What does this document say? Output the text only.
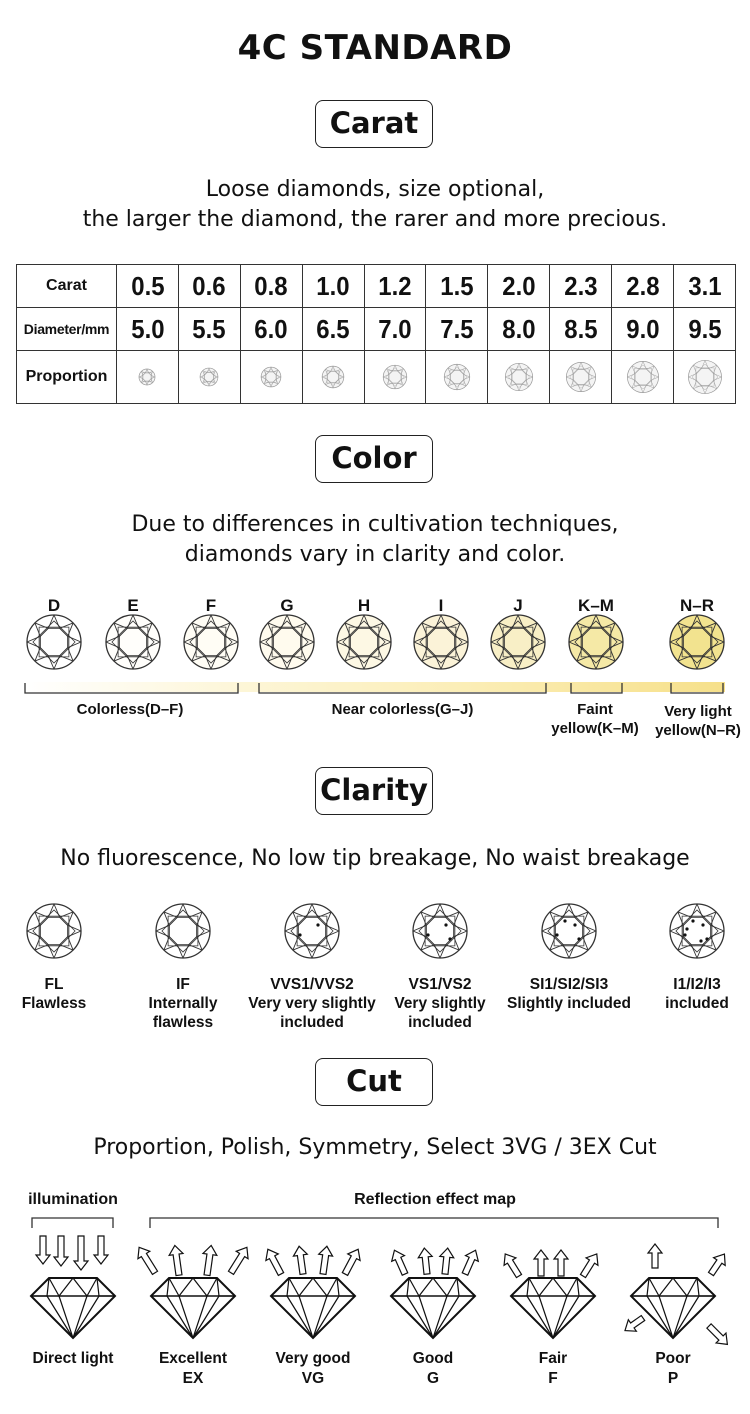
4C STANDARD
Carat
Loose diamonds, size optional,
the larger the diamond, the rarer and more precious.
Carat	0.5	0.6	0.8	1.0	1.2	1.5	2.0	2.3	2.8	3.1
Diameter/mm	5.0	5.5	6.0	6.5	7.0	7.5	8.0	8.5	9.0	9.5
Proportion										
Color
Due to differences in cultivation techniques,
diamonds vary in clarity and color.
D	E	F	G	H	I	J	K–M	N–R
Colorless(D–F)	Near colorless(G–J)	Faint
yellow(K–M)
Very light
yellow(N–R)
Clarity
No fluorescence, No low tip breakage, No waist breakage
FL
Flawless
IF
Internally
flawless
VVS1/VVS2
Very very slightly
included
VS1/VS2
Very slightly
included
SI1/SI2/SI3
Slightly included
I1/I2/I3
included
Cut
Proportion, Polish, Symmetry, Select 3VG / 3EX Cut
illumination	Reflection effect map
Direct light	Excellent
EX
Very good
VG
Good
G
Fair
F
Poor
P
